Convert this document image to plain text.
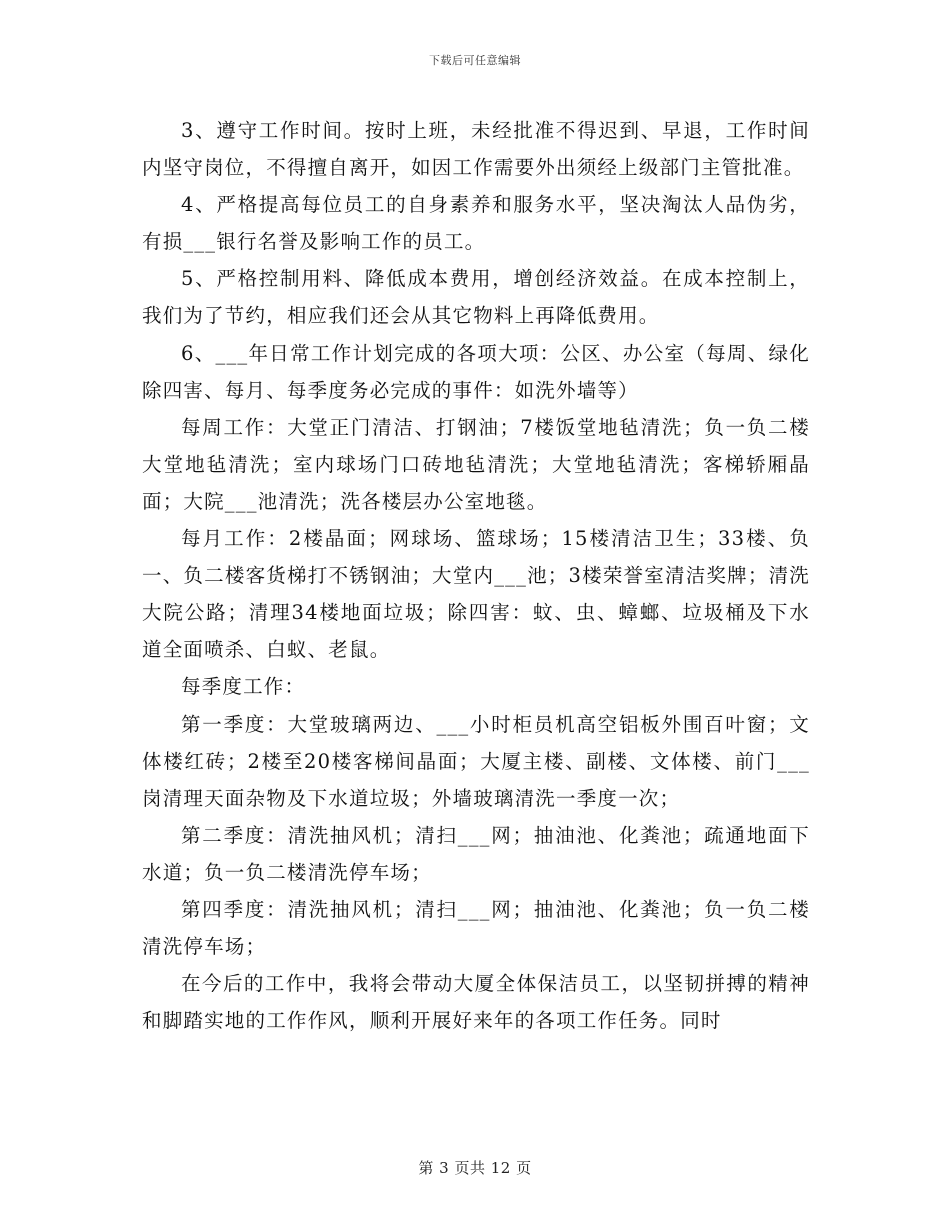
下载后可任意编辑

3、遵守工作时间。按时上班，未经批准不得迟到、早退，工作时间内坚守岗位，不得擅自离开，如因工作需要外出须经上级部门主管批准。

4、严格提高每位员工的自身素养和服务水平，坚决淘汰人品伪劣，有损___银行名誉及影响工作的员工。

5、严格控制用料、降低成本费用，增创经济效益。在成本控制上，我们为了节约，相应我们还会从其它物料上再降低费用。

6、___年日常工作计划完成的各项大项：公区、办公室（每周、绿化除四害、每月、每季度务必完成的事件：如洗外墙等）

每周工作：大堂正门清洁、打钢油；7楼饭堂地毡清洗；负一负二楼大堂地毡清洗；室内球场门口砖地毡清洗；大堂地毡清洗；客梯轿厢晶面；大院___池清洗；洗各楼层办公室地毯。

每月工作：2楼晶面；网球场、篮球场；15楼清洁卫生；33楼、负一、负二楼客货梯打不锈钢油；大堂内___池；3楼荣誉室清洁奖牌；清洗大院公路；清理34楼地面垃圾；除四害：蚊、虫、蟑螂、垃圾桶及下水道全面喷杀、白蚁、老鼠。

每季度工作：

第一季度：大堂玻璃两边、___小时柜员机高空铝板外围百叶窗；文体楼红砖；2楼至20楼客梯间晶面；大厦主楼、副楼、文体楼、前门___岗清理天面杂物及下水道垃圾；外墙玻璃清洗一季度一次；

第二季度：清洗抽风机；清扫___网；抽油池、化粪池；疏通地面下水道；负一负二楼清洗停车场；

第四季度：清洗抽风机；清扫___网；抽油池、化粪池；负一负二楼清洗停车场；

在今后的工作中，我将会带动大厦全体保洁员工，以坚韧拼搏的精神和脚踏实地的工作作风，顺利开展好来年的各项工作任务。同时

第 3 页共 12 页
